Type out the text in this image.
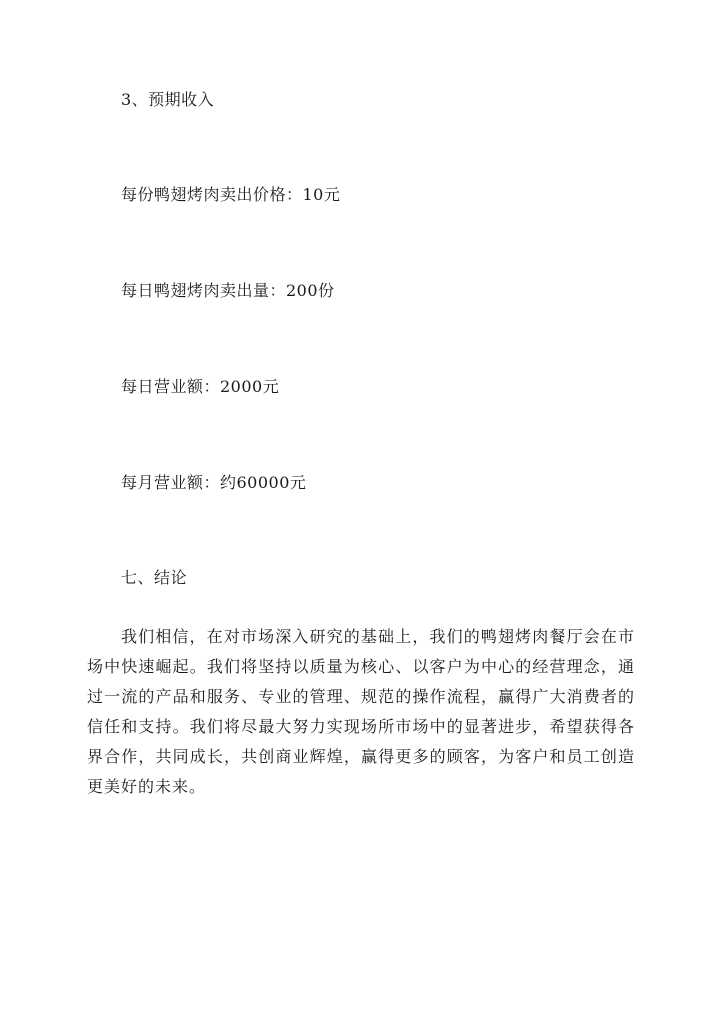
3、预期收入
每份鸭翅烤肉卖出价格：10元
每日鸭翅烤肉卖出量：200份
每日营业额：2000元
每月营业额：约60000元
七、结论
我们相信，在对市场深入研究的基础上，我们的鸭翅烤肉餐厅会在市场中快速崛起。我们将坚持以质量为核心、以客户为中心的经营理念，通过一流的产品和服务、专业的管理、规范的操作流程，赢得广大消费者的信任和支持。我们将尽最大努力实现场所市场中的显著进步，希望获得各界合作，共同成长，共创商业辉煌，赢得更多的顾客，为客户和员工创造更美好的未来。
